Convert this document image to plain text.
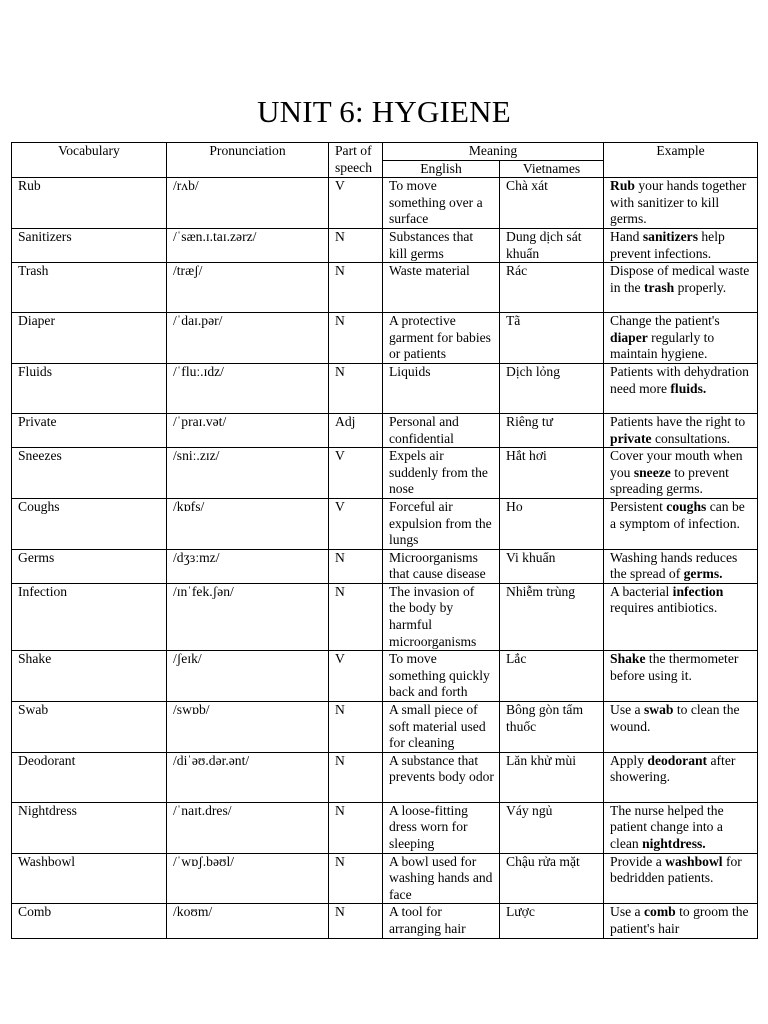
UNIT 6: HYGIENE
Vocabulary	Pronunciation	Part of speech	Meaning		Example
			English	Vietnames	
Rub	/rʌb/	V	To move something over a surface	Chà xát	Rub your hands together with sanitizer to kill germs.
Sanitizers	/ˈsæn.ɪ.taɪ.zərz/	N	Substances that kill germs	Dung dịch sát khuẩn	Hand sanitizers help prevent infections.
Trash	/træʃ/	N	Waste material	Rác	Dispose of medical waste in the trash properly.
Diaper	/ˈdaɪ.pər/	N	A protective garment for babies or patients	Tã	Change the patient's diaper regularly to maintain hygiene.
Fluids	/ˈfluː.ɪdz/	N	Liquids	Dịch lỏng	Patients with dehydration need more fluids.
Private	/ˈpraɪ.vət/	Adj	Personal and confidential	Riêng tư	Patients have the right to private consultations.
Sneezes	/sniː.zɪz/	V	Expels air suddenly from the nose	Hắt hơi	Cover your mouth when you sneeze to prevent spreading germs.
Coughs	/kɒfs/	V	Forceful air expulsion from the lungs	Ho	Persistent coughs can be a symptom of infection.
Germs	/dʒɜːmz/	N	Microorganisms that cause disease	Vi khuẩn	Washing hands reduces the spread of germs.
Infection	/ɪnˈfek.ʃən/	N	The invasion of the body by harmful microorganisms	Nhiễm trùng	A bacterial infection requires antibiotics.
Shake	/ʃeɪk/	V	To move something quickly back and forth	Lắc	Shake the thermometer before using it.
Swab	/swɒb/	N	A small piece of soft material used for cleaning	Bông gòn tẩm thuốc	Use a swab to clean the wound.
Deodorant	/diˈəʊ.dər.ənt/	N	A substance that prevents body odor	Lăn khử mùi	Apply deodorant after showering.
Nightdress	/ˈnaɪt.dres/	N	A loose-fitting dress worn for sleeping	Váy ngủ	The nurse helped the patient change into a clean nightdress.
Washbowl	/ˈwɒʃ.bəʊl/	N	A bowl used for washing hands and face	Chậu rửa mặt	Provide a washbowl for bedridden patients.
Comb	/koʊm/	N	A tool for arranging hair	Lược	Use a comb to groom the patient's hair
